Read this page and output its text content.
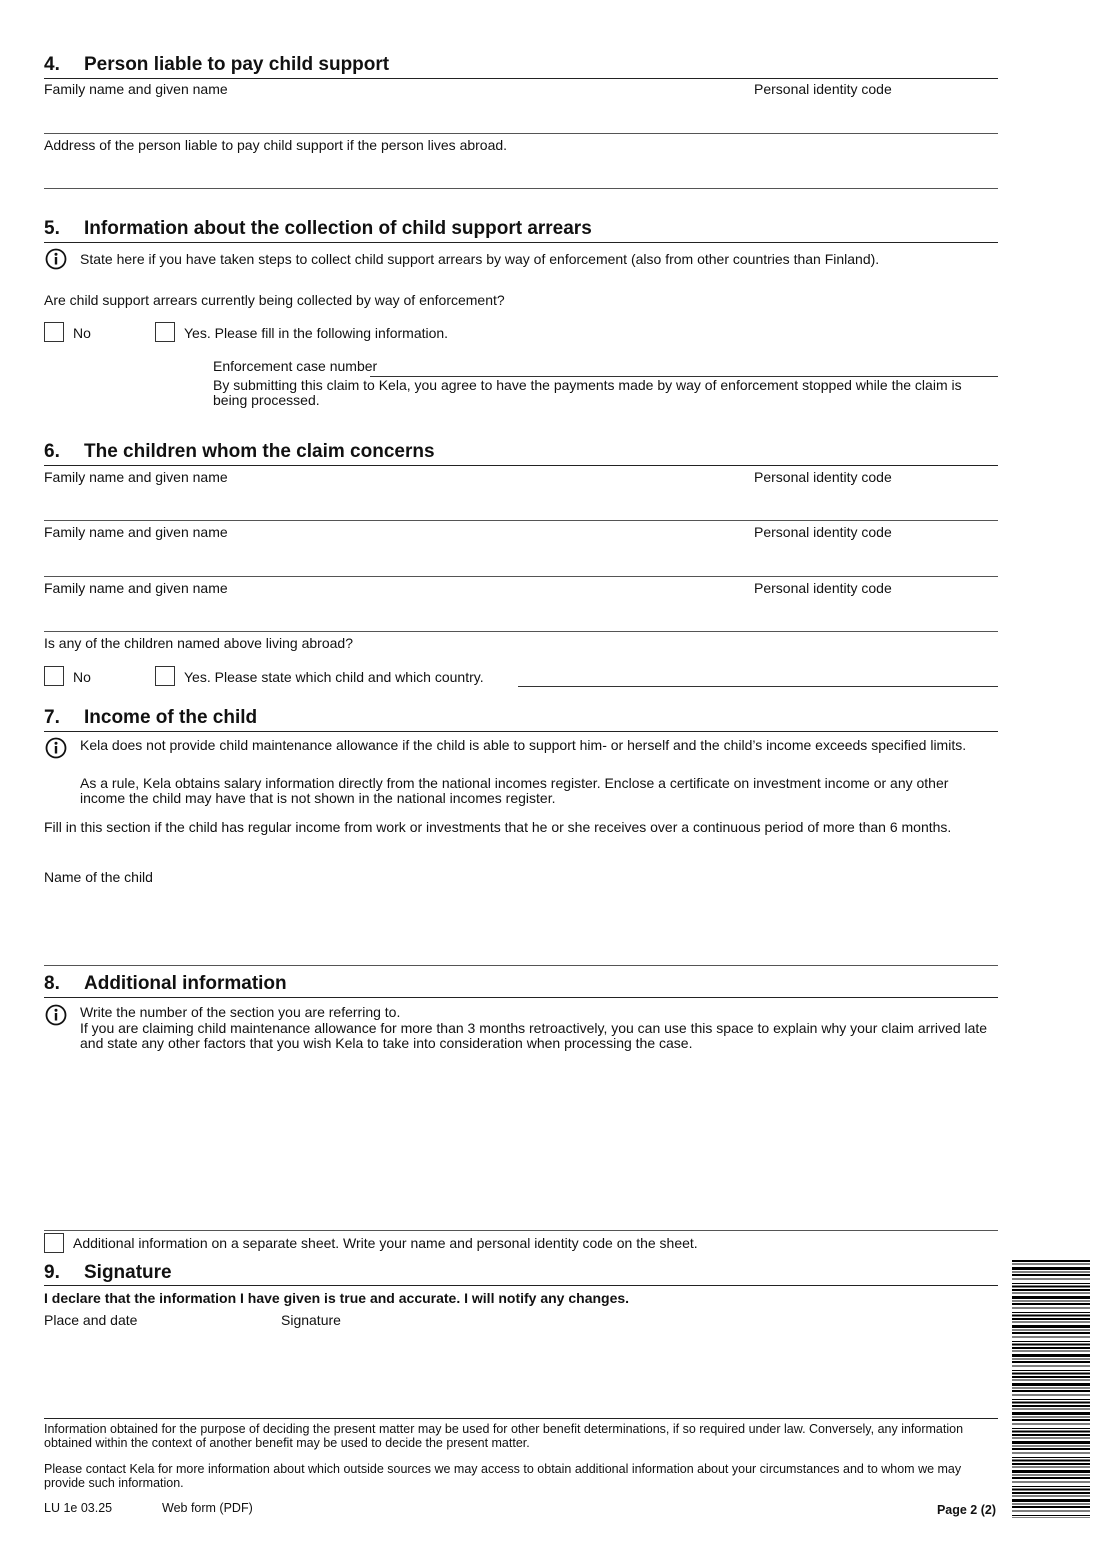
4. Person liable to pay child support
Family name and given name	Personal identity code
Address of the person liable to pay child support if the person lives abroad.
5. Information about the collection of child support arrears
State here if you have taken steps to collect child support arrears by way of enforcement (also from other countries than Finland).
Are child support arrears currently being collected by way of enforcement?
No	Yes. Please fill in the following information.
Enforcement case number
By submitting this claim to Kela, you agree to have the payments made by way of enforcement stopped while the claim is being processed.
6. The children whom the claim concerns
Family name and given name	Personal identity code
Family name and given name	Personal identity code
Family name and given name	Personal identity code
Is any of the children named above living abroad?
No	Yes. Please state which child and which country.
7. Income of the child
Kela does not provide child maintenance allowance if the child is able to support him- or herself and the child’s income exceeds specified limits.
As a rule, Kela obtains salary information directly from the national incomes register. Enclose a certificate on investment income or any other income the child may have that is not shown in the national incomes register.
Fill in this section if the child has regular income from work or investments that he or she receives over a continuous period of more than 6 months.
Name of the child
8. Additional information
Write the number of the section you are referring to.
If you are claiming child maintenance allowance for more than 3 months retroactively, you can use this space to explain why your claim arrived late and state any other factors that you wish Kela to take into consideration when processing the case.
Additional information on a separate sheet. Write your name and personal identity code on the sheet.
9. Signature
I declare that the information I have given is true and accurate. I will notify any changes.
Place and date	Signature
Information obtained for the purpose of deciding the present matter may be used for other benefit determinations, if so required under law. Conversely, any information obtained within the context of another benefit may be used to decide the present matter.
Please contact Kela for more information about which outside sources we may access to obtain additional information about your circumstances and to whom we may provide such information.
LU 1e 03.25	Web form (PDF)	Page 2 (2)
